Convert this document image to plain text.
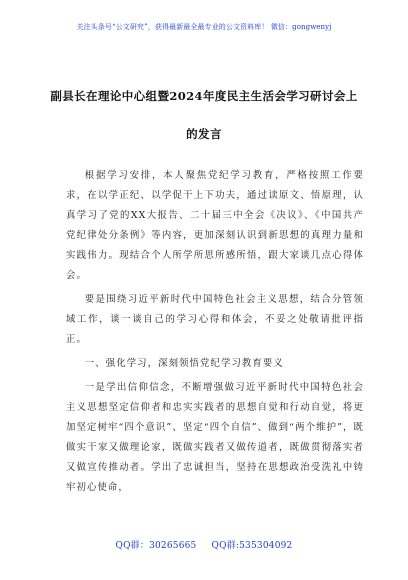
关注头条号“公文研究”，获得最新最全最专业的公文资料库！ 微信：gongwenyj
副县长在理论中心组暨2024年度民主生活会学习研讨会上
的发言

根据学习安排，本人聚焦党纪学习教育，严格按照工作要求，在以学正纪、以学促干上下功夫，通过读原文、悟原理，认真学习了党的XX大报告、二十届三中全会《决议》、《中国共产党纪律处分条例》等内容，更加深刻认识到新思想的真理力量和实践伟力。现结合个人所学所思所感所悟，跟大家谈几点心得体会。

要是围绕习近平新时代中国特色社会主义思想，结合分管领域工作，谈一谈自己的学习心得和体会，不妥之处敬请批评指正。

一、强化学习，深刻领悟党纪学习教育要义

一是学出信仰信念，不断增强做习近平新时代中国特色社会主义思想坚定信仰者和忠实实践者的思想自觉和行动自觉，将更加坚定树牢“四个意识”、坚定“四个自信”、做到“两个维护”，既做实干家又做理论家，既做实践者又做传道者，既做贯彻落实者又做宣传推动者。学出了忠诚担当，坚持在思想政治受洗礼中铸牢初心使命，

QQ群：30265665 QQ群:535304092
